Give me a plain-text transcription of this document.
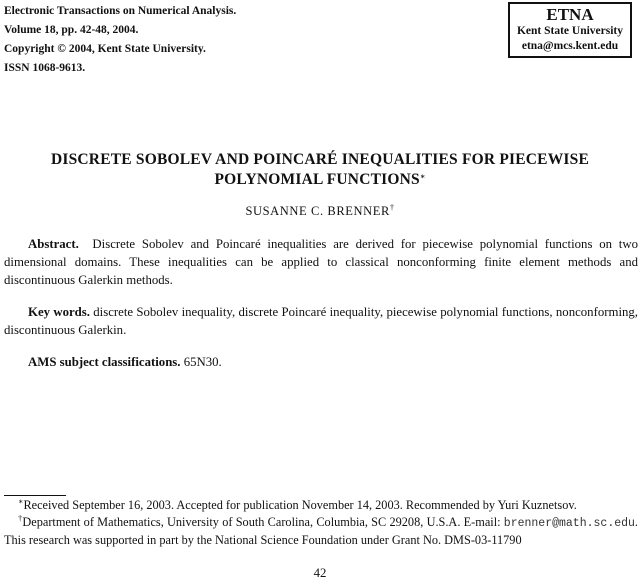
Electronic Transactions on Numerical Analysis.
Volume 18, pp. 42-48, 2004.
Copyright © 2004, Kent State University.
ISSN 1068-9613.
ETNA
Kent State University
etna@mcs.kent.edu
DISCRETE SOBOLEV AND POINCARÉ INEQUALITIES FOR PIECEWISE
POLYNOMIAL FUNCTIONS∗
SUSANNE C. BRENNER†
Abstract. Discrete Sobolev and Poincaré inequalities are derived for piecewise polynomial functions on two dimensional domains. These inequalities can be applied to classical nonconforming finite element methods and discontinuous Galerkin methods.
Key words. discrete Sobolev inequality, discrete Poincaré inequality, piecewise polynomial functions, nonconforming, discontinuous Galerkin.
AMS subject classifications. 65N30.
∗Received September 16, 2003. Accepted for publication November 14, 2003. Recommended by Yuri Kuznetsov.
†Department of Mathematics, University of South Carolina, Columbia, SC 29208, U.S.A. E-mail: brenner@math.sc.edu. This research was supported in part by the National Science Foundation under Grant No. DMS-03-11790
42
